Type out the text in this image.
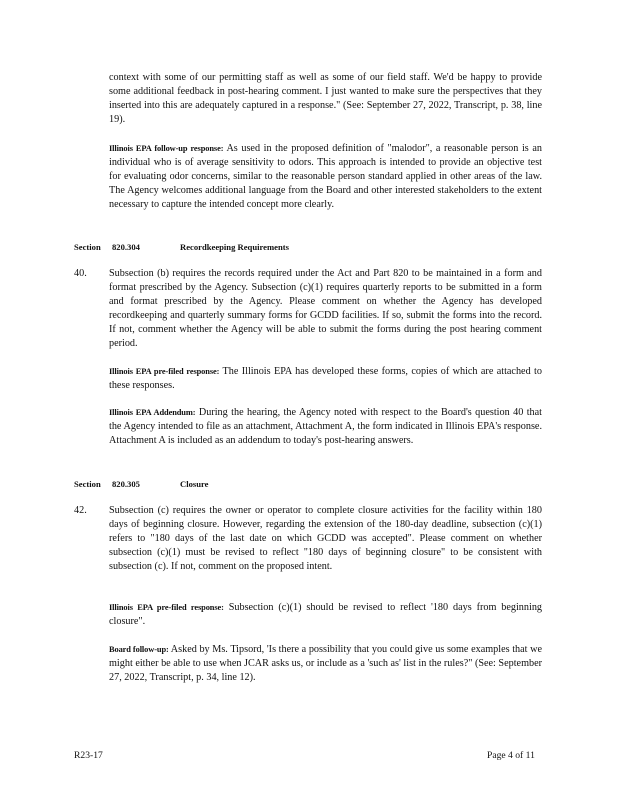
context with some of our permitting staff as well as some of our field staff. We'd be happy to provide some additional feedback in post-hearing comment. I just wanted to make sure the perspectives that they inserted into this are adequately captured in a response." (See: September 27, 2022, Transcript, p. 38, line 19).
Illinois EPA follow-up response: As used in the proposed definition of "malodor", a reasonable person is an individual who is of average sensitivity to odors. This approach is intended to provide an objective test for evaluating odor concerns, similar to the reasonable person standard applied in other areas of the law. The Agency welcomes additional language from the Board and other interested stakeholders to the extent necessary to capture the intended concept more clearly.
Section 820.304	Recordkeeping Requirements
40. Subsection (b) requires the records required under the Act and Part 820 to be maintained in a form and format prescribed by the Agency. Subsection (c)(1) requires quarterly reports to be submitted in a form and format prescribed by the Agency. Please comment on whether the Agency has developed recordkeeping and quarterly summary forms for GCDD facilities. If so, submit the forms into the record. If not, comment whether the Agency will be able to submit the forms during the post hearing comment period.
Illinois EPA pre-filed response: The Illinois EPA has developed these forms, copies of which are attached to these responses.
Illinois EPA Addendum: During the hearing, the Agency noted with respect to the Board's question 40 that the Agency intended to file as an attachment, Attachment A, the form indicated in Illinois EPA's response. Attachment A is included as an addendum to today's post-hearing answers.
Section 820.305	Closure
42. Subsection (c) requires the owner or operator to complete closure activities for the facility within 180 days of beginning closure. However, regarding the extension of the 180-day deadline, subsection (c)(1) refers to "180 days of the last date on which GCDD was accepted". Please comment on whether subsection (c)(1) must be revised to reflect "180 days of beginning closure" to be consistent with subsection (c). If not, comment on the proposed intent.
Illinois EPA pre-filed response: Subsection (c)(1) should be revised to reflect '180 days from beginning closure".
Board follow-up: Asked by Ms. Tipsord, 'Is there a possibility that you could give us some examples that we might either be able to use when JCAR asks us, or include as a 'such as' list in the rules?" (See: September 27, 2022, Transcript, p. 34, line 12).
R23-17	Page 4 of 11
